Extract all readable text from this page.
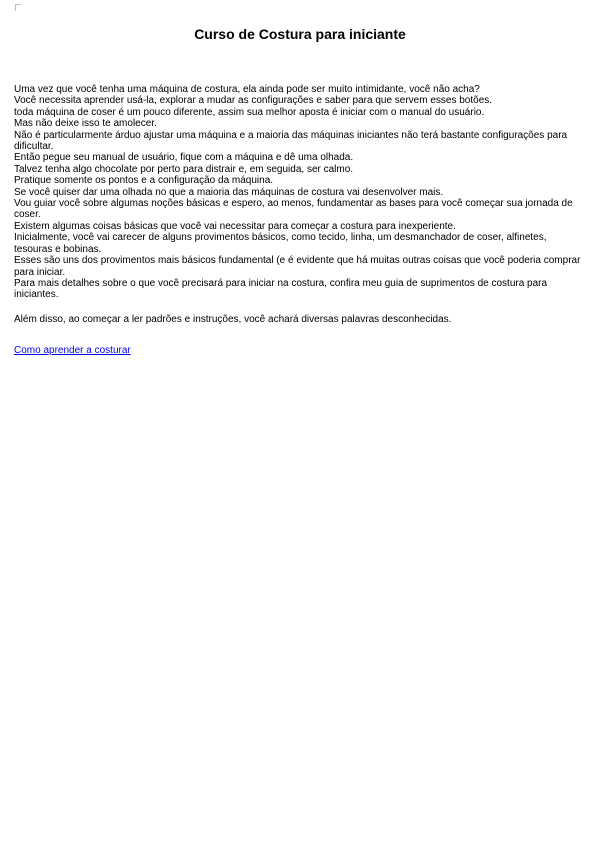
Curso de Costura para iniciante
Uma vez que você tenha uma máquina de costura, ela ainda pode ser muito intimidante, você não acha?
Você necessita aprender usá-la, explorar a mudar as configurações e saber para que servem esses botões.
toda máquina de coser é um pouco diferente, assim sua melhor aposta é iniciar com o manual do usuário.
Mas não deixe isso te amolecer.
Não é particularmente árduo ajustar uma máquina e a maioria das máquinas iniciantes não terá bastante configurações para
dificultar.
Então pegue seu manual de usuário, fique com a máquina e dê uma olhada.
Talvez tenha algo chocolate por perto para distrair e, em seguida, ser calmo.
Pratique somente os pontos e a configuração da máquina.
Se você quiser dar uma olhada no que a maioria das máquinas de costura vai desenvolver mais.
Vou guiar você sobre algumas noções básicas e espero, ao menos, fundamentar as bases para você começar sua jornada de
coser.
Existem algumas coisas básicas que você vai necessitar para começar a costura para inexperiente.
Inicialmente, você vai carecer de alguns provimentos básicos, como tecido, linha, um desmanchador de coser, alfinetes,
tesouras e bobinas.
Esses são uns dos provimentos mais básicos fundamental (e é evidente que há muitas outras coisas que você poderia comprar
para iniciar.
Para mais detalhes sobre o que você precisará para iniciar na costura, confira meu guia de suprimentos de costura para
iniciantes.
Além disso, ao começar a ler padrões e instruções, você achará diversas palavras desconhecidas.
Como aprender a costurar
